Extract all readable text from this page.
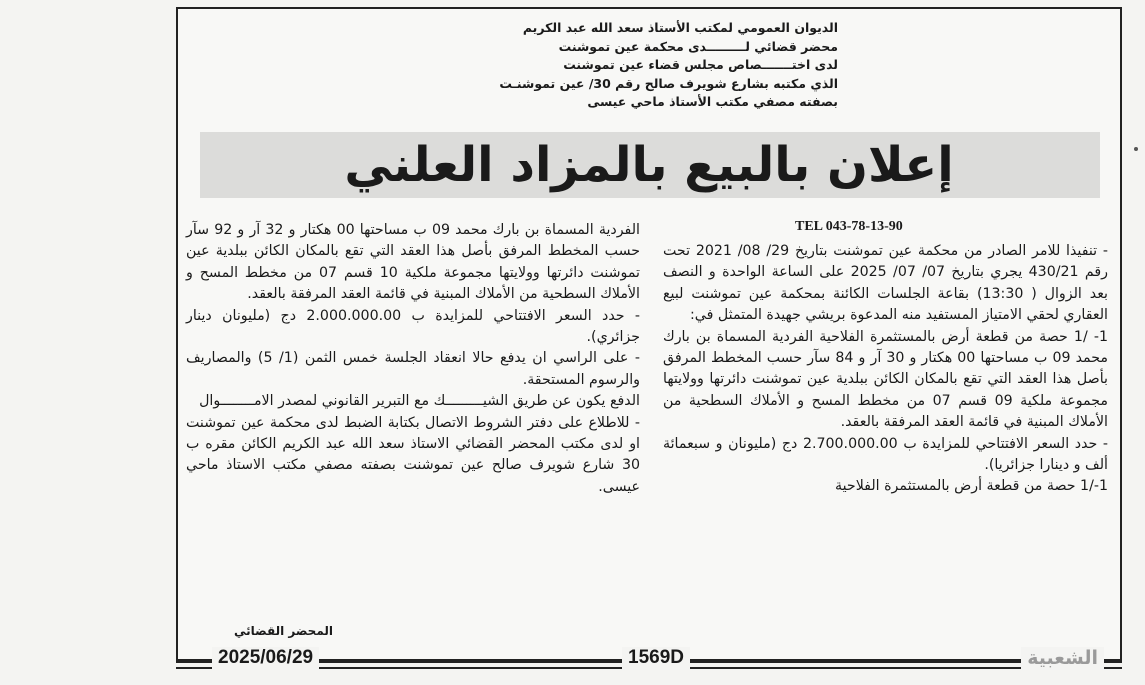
الديوان العمومي لمكتب الأستاذ سعد الله عبد الكريم
محضر قضائي لـــــــــدى محكمة عين تموشنت
لدى اختـــــــصاص مجلس قضاء عين تموشنت
الذي مكتبه بشارع شويرف صالح رقم 30/ عين تموشنـت
بصفته مصفي مكتب الأستاذ ماحي عيسى
إعلان بالبيع بالمزاد العلني
TEL 043-78-13-90

- تنفيذا للامر الصادر من محكمة عين تموشنت بتاريخ 29/ 08/ 2021 تحت رقم 430/21 يجري بتاريخ 07/ 07/ 2025 على الساعة الواحدة و النصف بعد الزوال ( 13:30) بقاعة الجلسات الكائنة بمحكمة عين تموشنت لبيع العقاري لحقي الامتياز المستفيد منه المدعوة بريشي جهيدة المتمثل في:

1- /1 حصة من قطعة أرض بالمستثمرة الفلاحية الفردية المسماة بن بارك محمد 09 ب مساحتها 00 هكتار و 30 آر و 84 سآر حسب المخطط المرفق بأصل هذا العقد التي تقع بالمكان الكائن ببلدية عين تموشنت دائرتها وولايتها مجموعة ملكية 09 قسم 07 من مخطط المسح و الأملاك السطحية من الأملاك المبنية في قائمة العقد المرفقة بالعقد.

- حدد السعر الافتتاحي للمزايدة ب 2.700.000.00 دج (مليونان و سبعمائة ألف و دينارا جزائريا).

1-/1 حصة من قطعة أرض بالمستثمرة الفلاحية

الفردية المسماة بن بارك محمد 09 ب مساحتها 00 هكتار و 32 آر و 92 سآر حسب المخطط المرفق بأصل هذا العقد التي تقع بالمكان الكائن ببلدية عين تموشنت دائرتها وولايتها مجموعة ملكية 10 قسم 07 من مخطط المسح و الأملاك السطحية من الأملاك المبنية في قائمة العقد المرفقة بالعقد.

- حدد السعر الافتتاحي للمزايدة ب 2.000.000.00 دج (مليونان دينار جزائري).

- على الراسي ان يدفع حالا انعقاد الجلسة خمس الثمن (1/ 5) والمصاريف والرسوم المستحقة.

الدفع يكون عن طريق الشيـــــــــك مع التبرير القانوني لمصدر الامــــــــوال

- للاطلاع على دفتر الشروط الاتصال بكتابة الضبط لدى محكمة عين تموشنت او لدى مكتب المحضر القضائي الاستاذ سعد الله عبد الكريم الكائن مقره ب 30 شارع شويرف صالح عين تموشنت بصفته مصفي مكتب الاستاذ ماحي عيسى.

المحضر القضائي
2025/06/29	1569D	الشعبية
